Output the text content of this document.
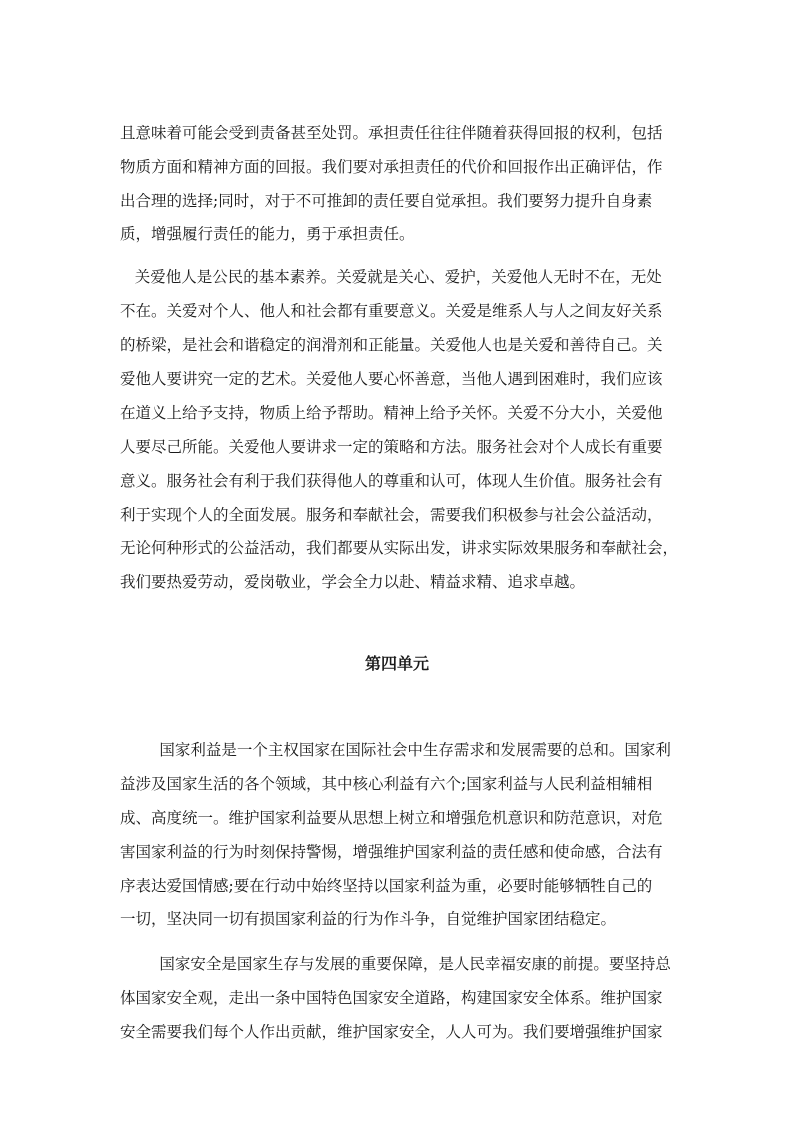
且意味着可能会受到责备甚至处罚。承担责任往往伴随着获得回报的权利，包括
物质方面和精神方面的回报。我们要对承担责任的代价和回报作出正确评估，作
出合理的选择;同时，对于不可推卸的责任要自觉承担。我们要努力提升自身素
质，增强履行责任的能力，勇于承担责任。
关爱他人是公民的基本素养。关爱就是关心、爱护，关爱他人无时不在，无处
不在。关爱对个人、他人和社会都有重要意义。关爱是维系人与人之间友好关系
的桥梁，是社会和谐稳定的润滑剂和正能量。关爱他人也是关爱和善待自己。关
爱他人要讲究一定的艺术。关爱他人要心怀善意，当他人遇到困难时，我们应该
在道义上给予支持，物质上给予帮助。精神上给予关怀。关爱不分大小，关爱他
人要尽己所能。关爱他人要讲求一定的策略和方法。服务社会对个人成长有重要
意义。服务社会有利于我们获得他人的尊重和认可，体现人生价值。服务社会有
利于实现个人的全面发展。服务和奉献社会，需要我们积极参与社会公益活动，
无论何种形式的公益活动，我们都要从实际出发，讲求实际效果服务和奉献社会，
我们要热爱劳动，爱岗敬业，学会全力以赴、精益求精、追求卓越。
第四单元
国家利益是一个主权国家在国际社会中生存需求和发展需要的总和。国家利
益涉及国家生活的各个领域，其中核心利益有六个;国家利益与人民利益相辅相
成、高度统一。维护国家利益要从思想上树立和增强危机意识和防范意识，对危
害国家利益的行为时刻保持警惕，增强维护国家利益的责任感和使命感，合法有
序表达爱国情感;要在行动中始终坚持以国家利益为重，必要时能够牺牲自己的
一切，坚决同一切有损国家利益的行为作斗争，自觉维护国家团结稳定。
国家安全是国家生存与发展的重要保障，是人民幸福安康的前提。要坚持总
体国家安全观，走出一条中国特色国家安全道路，构建国家安全体系。维护国家
安全需要我们每个人作出贡献，维护国家安全，人人可为。我们要增强维护国家
